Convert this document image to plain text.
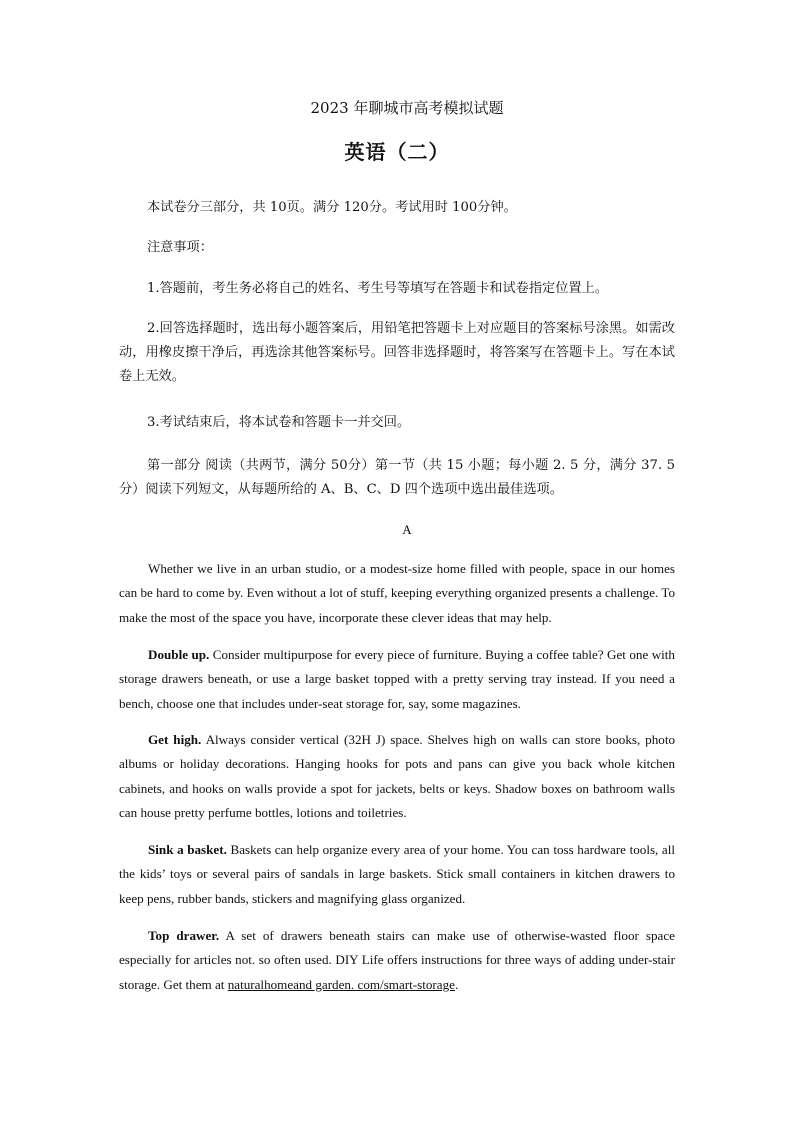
2023 年聊城市高考模拟试题
英语（二）

本试卷分三部分，共 10页。满分 120分。考试用时 100分钟。

注意事项：

1.答题前，考生务必将自己的姓名、考生号等填写在答题卡和试卷指定位置上。

2.回答选择题时，选出每小题答案后，用铅笔把答题卡上对应题目的答案标号涂黑。如需改动，用橡皮擦干净后，再选涂其他答案标号。回答非选择题时，将答案写在答题卡上。写在本试卷上无效。

3.考试结束后，将本试卷和答题卡一并交回。

第一部分 阅读（共两节，满分 50分）第一节（共 15 小题；每小题 2. 5 分，满分 37. 5 分）阅读下列短文，从每题所给的 A、B、C、D 四个选项中选出最佳选项。

A

Whether we live in an urban studio, or a modest-size home filled with people, space in our homes can be hard to come by. Even without a lot of stuff, keeping everything organized presents a challenge. To make the most of the space you have, incorporate these clever ideas that may help.

Double up. Consider multipurpose for every piece of furniture. Buying a coffee table? Get one with storage drawers beneath, or use a large basket topped with a pretty serving tray instead. If you need a bench, choose one that includes under-seat storage for, say, some magazines.

Get high. Always consider vertical (32H J) space. Shelves high on walls can store books, photo albums or holiday decorations. Hanging hooks for pots and pans can give you back whole kitchen cabinets, and hooks on walls provide a spot for jackets, belts or keys. Shadow boxes on bathroom walls can house pretty perfume bottles, lotions and toiletries.

Sink a basket. Baskets can help organize every area of your home. You can toss hardware tools, all the kids’ toys or several pairs of sandals in large baskets. Stick small containers in kitchen drawers to keep pens, rubber bands, stickers and magnifying glass organized.

Top drawer. A set of drawers beneath stairs can make use of otherwise-wasted floor space especially for articles not. so often used. DIY Life offers instructions for three ways of adding under-stair storage. Get them at naturalhomeand garden. com/smart-storage.
